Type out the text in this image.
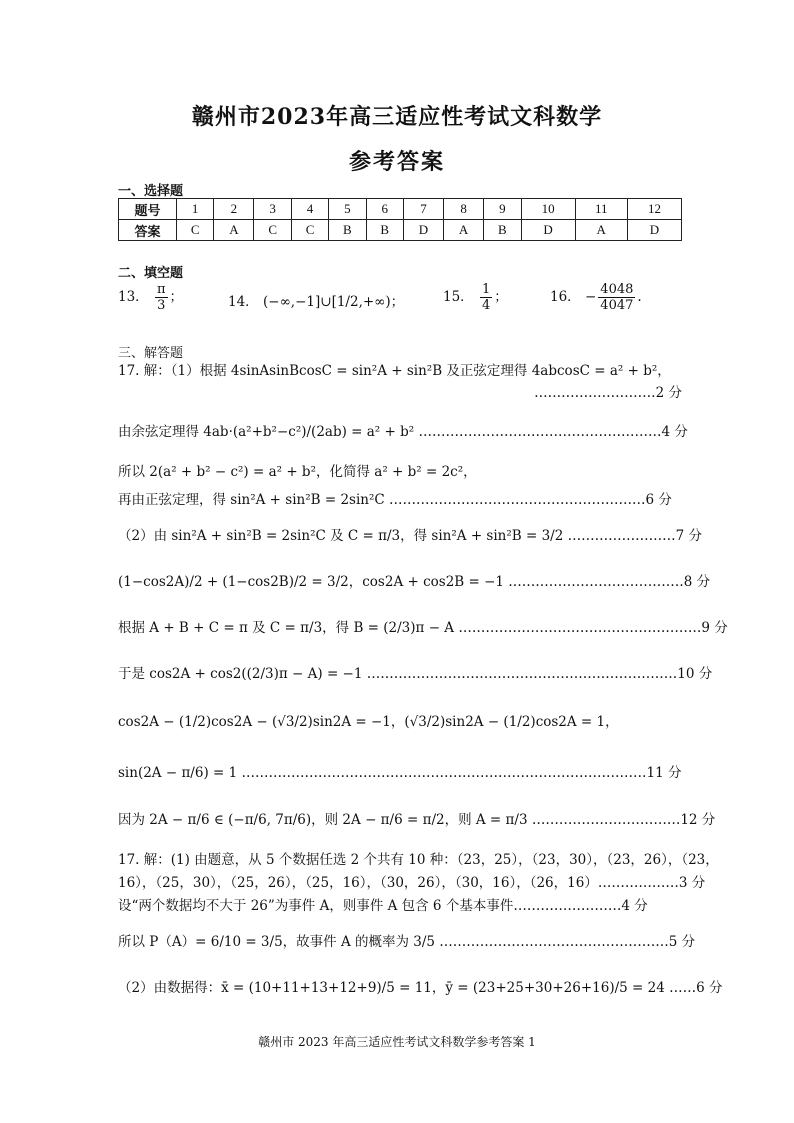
赣州市2023年高三适应性考试文科数学
参考答案
一、选择题
题号	1	2	3	4	5	6	7	8	9	10	11	12
答案	C	A	C	C	B	B	D	A	B	D	A	D
二、填空题
13． $\frac{\pi}{3}$ ；	14． (−∞,−1]∪[1/2,+∞)；	15． $\frac{1}{4}$ ；	16． − $\frac{4048}{4047}$ .
三、解答题
17. 解：（1）根据 4sinAsinBcosC = sin²A + sin²B 及正弦定理得 4abcosC = a² + b²，
………………………2 分
由余弦定理得 4ab·(a²+b²−c²)/(2ab) = a² + b² ………………………………………………4 分
所以 2(a² + b² − c²) = a² + b²，化简得 a² + b² = 2c²，
再由正弦定理，得 sin²A + sin²B = 2sin²C …………………………………………………6 分
（2）由 sin²A + sin²B = 2sin²C 及 C = π/3，得 sin²A + sin²B = 3/2 ……………………7 分
(1−cos2A)/2 + (1−cos2B)/2 = 3/2，cos2A + cos2B = −1 …………………………………8 分
根据 A + B + C = π 及 C = π/3，得 B = (2/3)π − A ………………………………………………9 分
于是 cos2A + cos2((2/3)π − A) = −1 ……………………………………………………………10 分
cos2A − (1/2)cos2A − (√3/2)sin2A = −1，(√3/2)sin2A − (1/2)cos2A = 1，
sin(2A − π/6) = 1 ………………………………………………………………………………11 分
因为 2A − π/6 ∈ (−π/6, 7π/6)，则 2A − π/6 = π/2，则 A = π/3 ……………………………12 分
17. 解：(1) 由题意，从 5 个数据任选 2 个共有 10 种：（23，25），（23，30），（23，26），（23，
16），（25，30），（25，26），（25，16），（30，26），（30，16），（26，16）………………3 分
设“两个数据均不大于 26”为事件 A，则事件 A 包含 6 个基本事件……………………4 分
所以 P（A）= 6/10 = 3/5，故事件 A 的概率为 3/5 ……………………………………………5 分
（2）由数据得：x̄ = (10+11+13+12+9)/5 = 11，ȳ = (23+25+30+26+16)/5 = 24 ……6 分
赣州市 2023 年高三适应性考试文科数学参考答案 1
